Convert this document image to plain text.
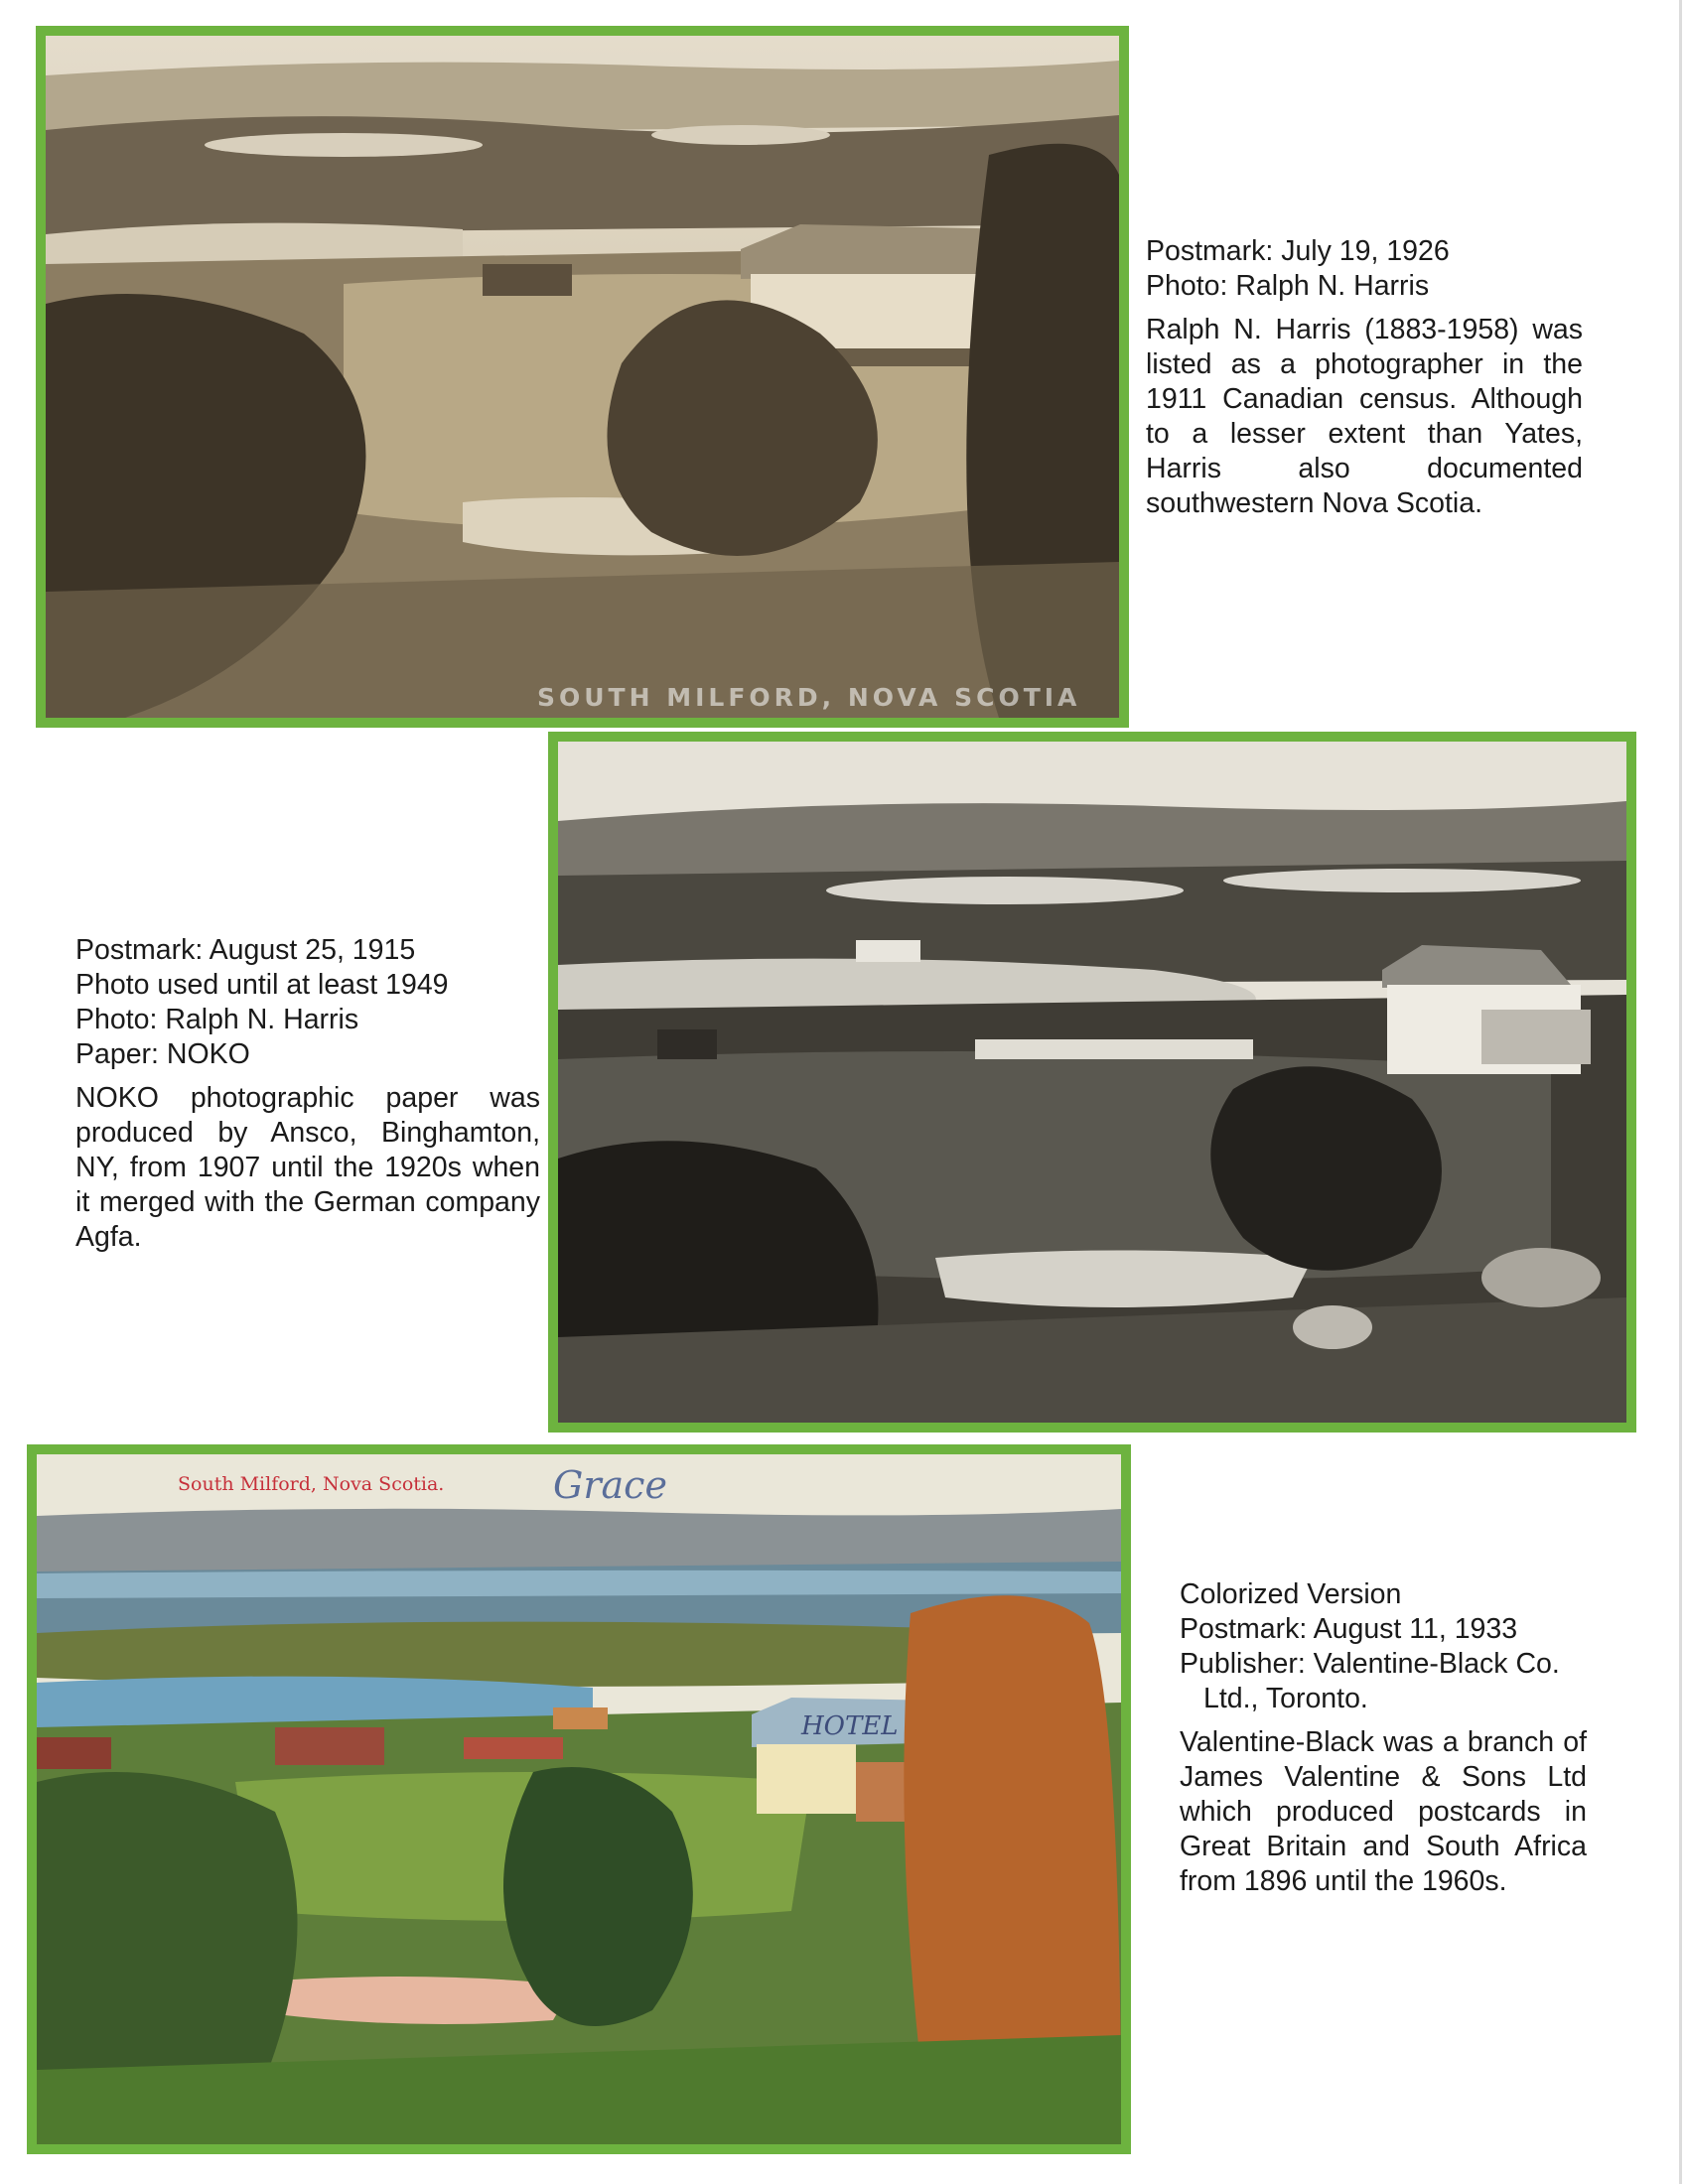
SOUTH MILFORD, NOVA SCOTIA
Postmark: July 19, 1926
Photo: Ralph N. Harris

Ralph N. Harris (1883-1958) was listed as a photographer in the 1911 Canadian census. Although to a lesser extent than Yates, Harris also documented southwestern Nova Scotia.

Postmark: August 25, 1915
Photo used until at least 1949
Photo: Ralph N. Harris
Paper: NOKO

NOKO photographic paper was produced by Ansco, Binghamton, NY, from 1907 until the 1920s when it merged with the German company Agfa.

HOTEL
South Milford, Nova Scotia.	Grace
Colorized Version
Postmark: August 11, 1933
Publisher: Valentine-Black Co.
Ltd., Toronto.

Valentine-Black was a branch of James Valentine & Sons Ltd which produced postcards in Great Britain and South Africa from 1896 until the 1960s.
